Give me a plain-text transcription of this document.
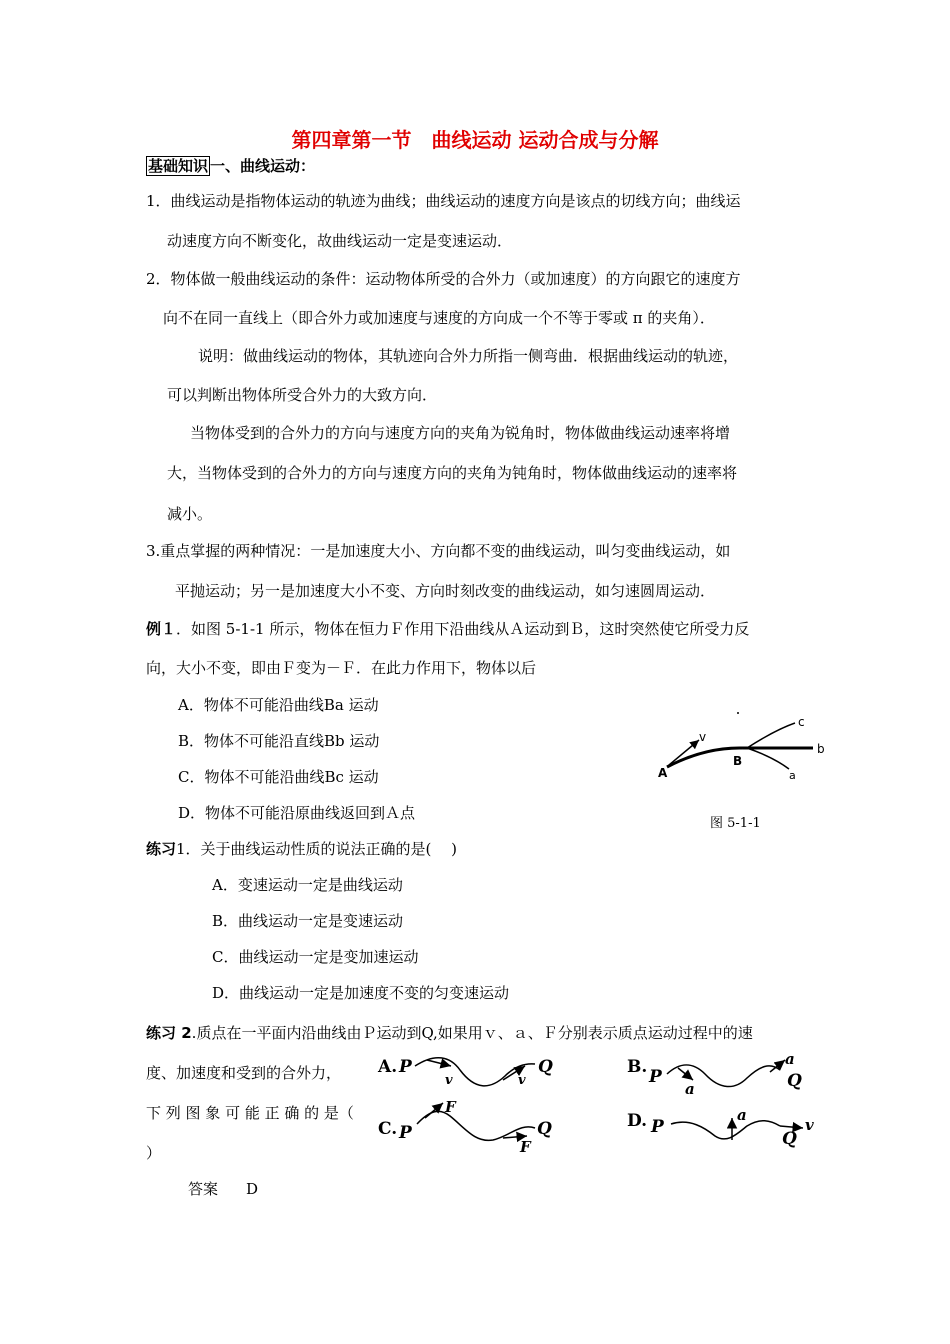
第四章第一节　曲线运动 运动合成与分解
基础知识 一、曲线运动：
1．曲线运动是指物体运动的轨迹为曲线；曲线运动的速度方向是该点的切线方向；曲线运
动速度方向不断变化，故曲线运动一定是变速运动．
2．物体做一般曲线运动的条件：运动物体所受的合外力（或加速度）的方向跟它的速度方
向不在同一直线上（即合外力或加速度与速度的方向成一个不等于零或 π 的夹角）．
说明：做曲线运动的物体，其轨迹向合外力所指一侧弯曲．根据曲线运动的轨迹，
可以判断出物体所受合外力的大致方向．
当物体受到的合外力的方向与速度方向的夹角为锐角时，物体做曲线运动速率将增
大，当物体受到的合外力的方向与速度方向的夹角为钝角时，物体做曲线运动的速率将
减小。
3.重点掌握的两种情况：一是加速度大小、方向都不变的曲线运动，叫匀变曲线运动，如
平抛运动；另一是加速度大小不变、方向时刻改变的曲线运动，如匀速圆周运动．
例１．如图 5-1-1 所示，物体在恒力Ｆ作用下沿曲线从Ａ运动到Ｂ，这时突然使它所受力反
向，大小不变，即由Ｆ变为－Ｆ．在此力作用下，物体以后
A．物体不可能沿曲线Ba 运动
B．物体不可能沿直线Bb 运动
C．物体不可能沿曲线Bc 运动
D．物体不可能沿原曲线返回到Ａ点
A
B
v
b
c
a
图 5-1-1
练习1．关于曲线运动性质的说法正确的是(　 )
A．变速运动一定是曲线运动
B．曲线运动一定是变速运动
C．曲线运动一定是变加速运动
D．曲线运动一定是加速度不变的匀变速运动
练习 2.质点在一平面内沿曲线由Ｐ运动到Q,如果用ｖ、ａ、Ｆ分别表示质点运动过程中的速
度、加速度和受到的合外力，
下 列 图 象 可 能 正 确 的 是（
）
A. P
v	v
Q	B. P
a
a
Q
C. P
F
F
Q	D. P
a
v
Q
答案 D
